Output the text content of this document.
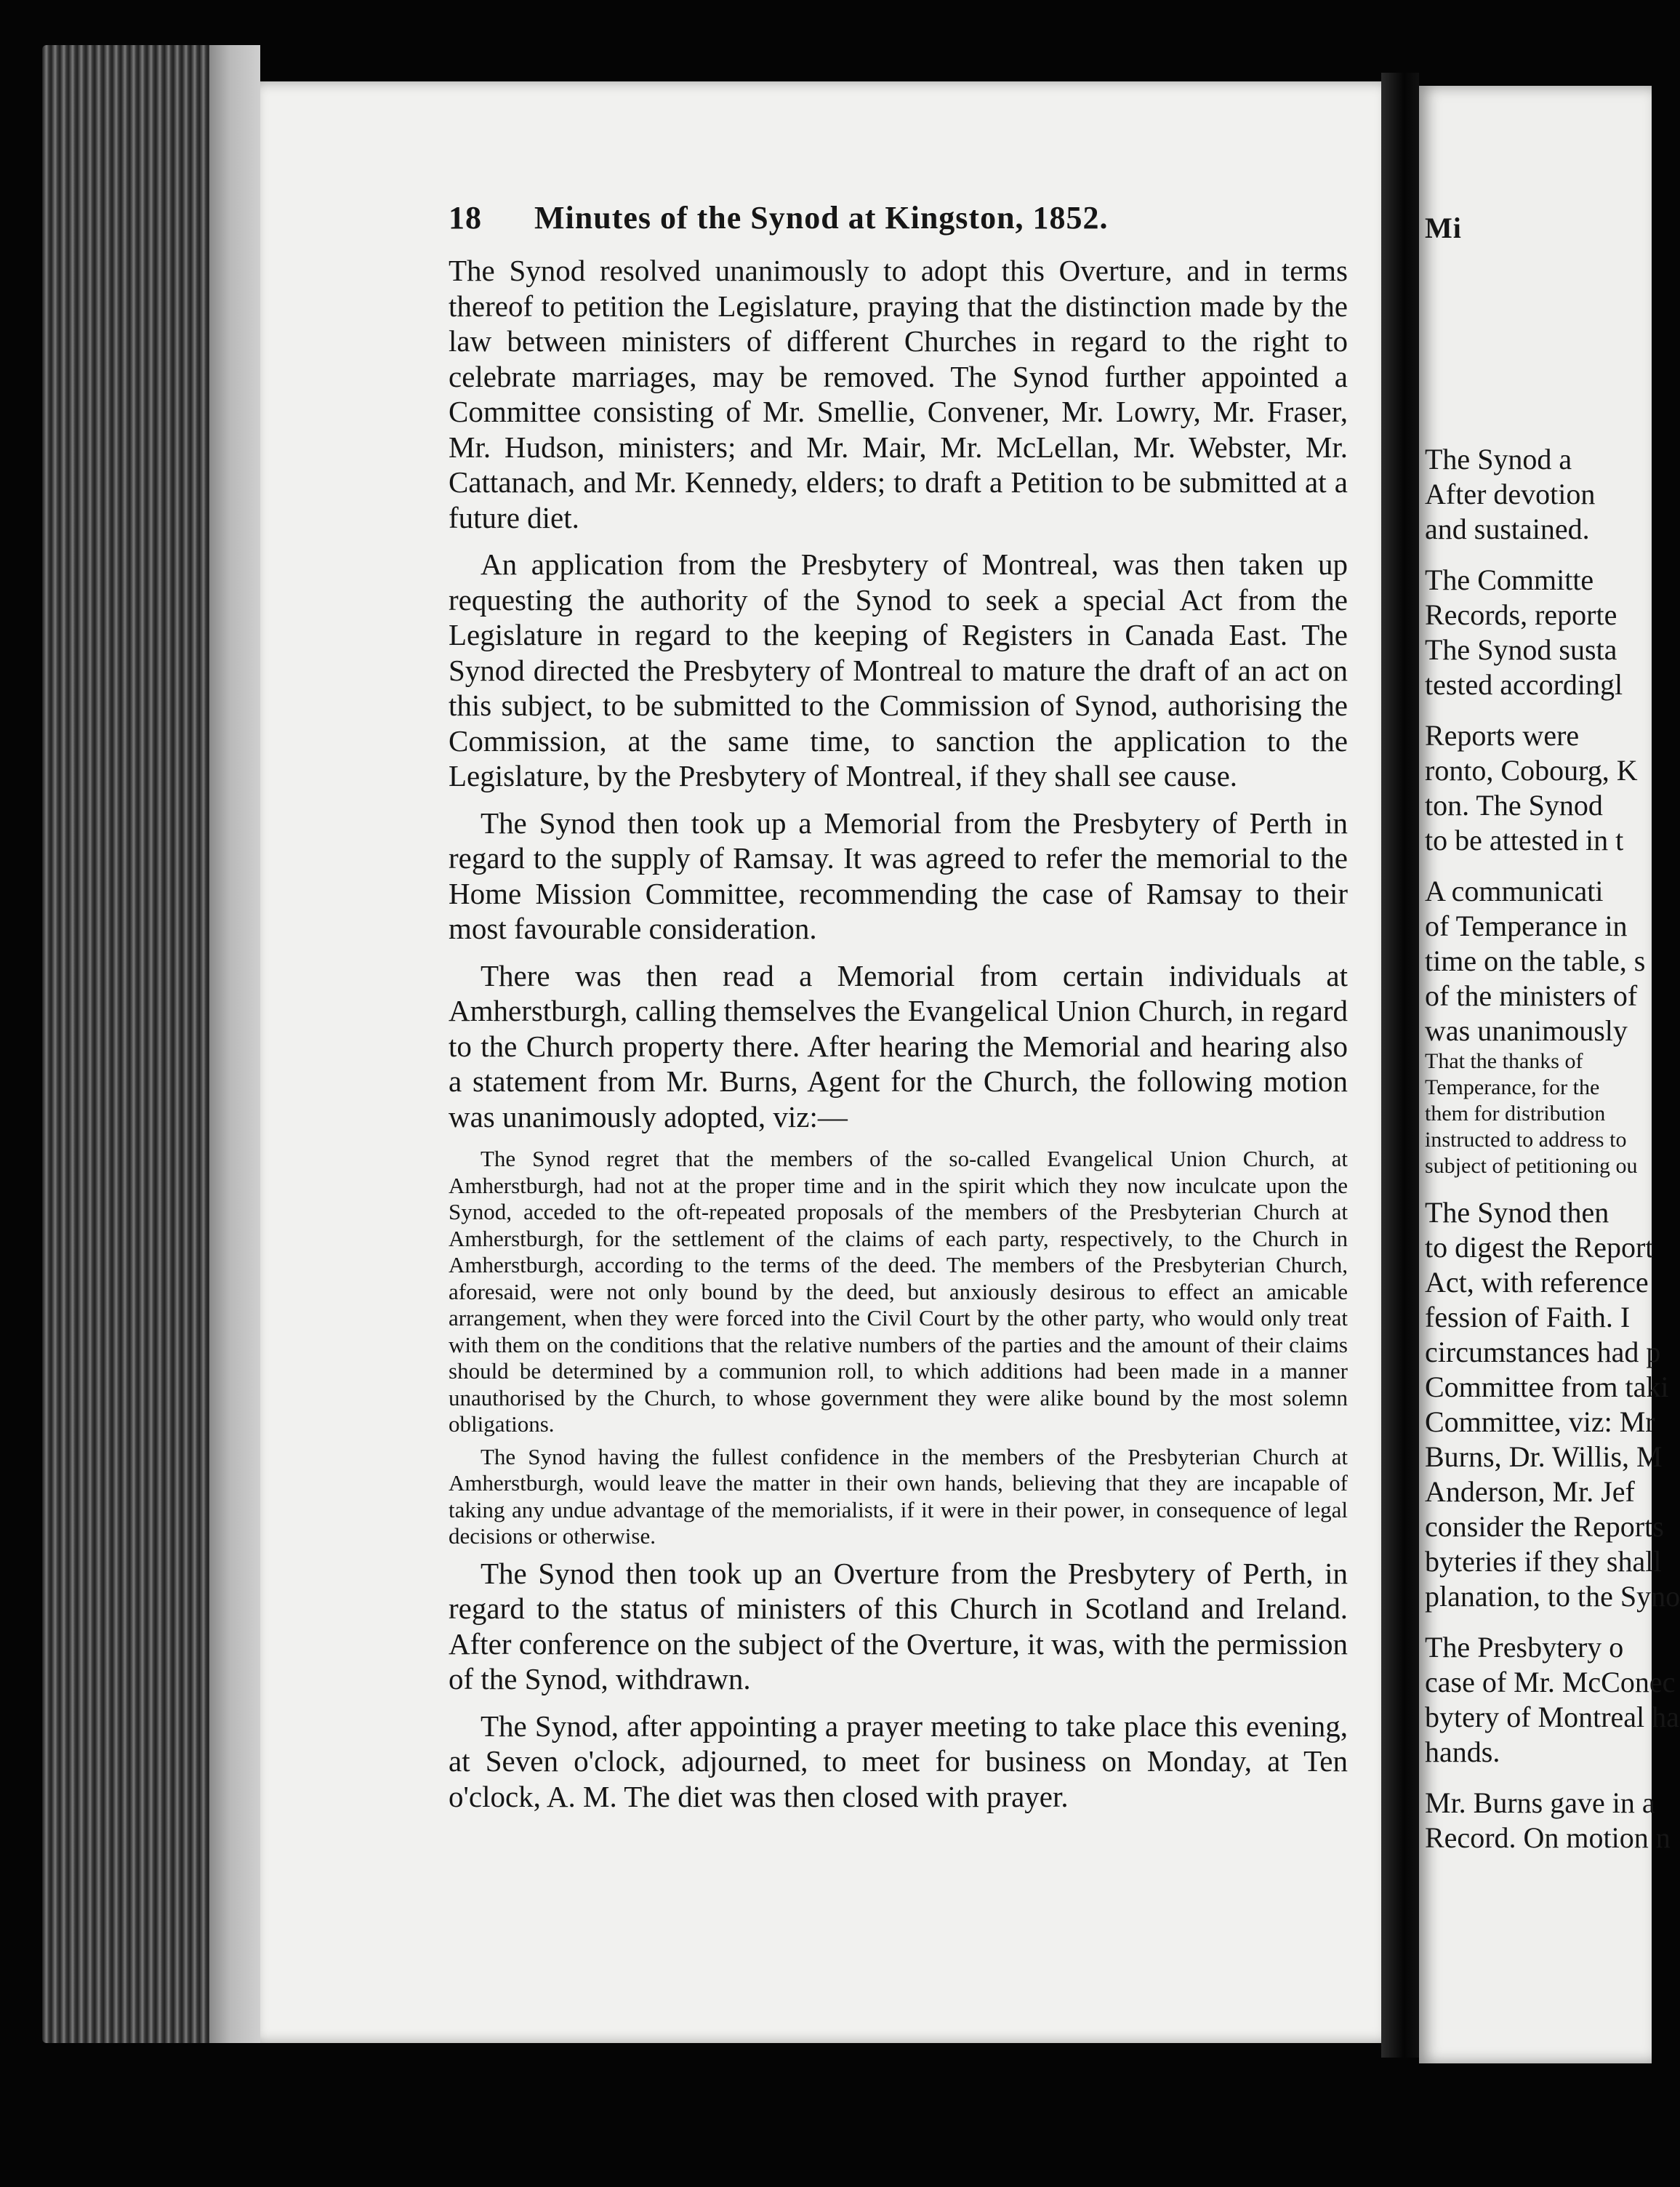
18 Minutes of the Synod at Kingston, 1852.

The Synod resolved unanimously to adopt this Overture, and in terms thereof to petition the Legislature, praying that the distinction made by the law between ministers of different Churches in regard to the right to celebrate marriages, may be removed. The Synod further appointed a Committee consisting of Mr. Smellie, Convener, Mr. Lowry, Mr. Fraser, Mr. Hudson, ministers; and Mr. Mair, Mr. McLellan, Mr. Webster, Mr. Cattanach, and Mr. Kennedy, elders; to draft a Petition to be submitted at a future diet.

An application from the Presbytery of Montreal, was then taken up requesting the authority of the Synod to seek a special Act from the Legislature in regard to the keeping of Registers in Canada East. The Synod directed the Presbytery of Montreal to mature the draft of an act on this subject, to be submitted to the Commission of Synod, authorising the Commission, at the same time, to sanction the application to the Legislature, by the Presbytery of Montreal, if they shall see cause.

The Synod then took up a Memorial from the Presbytery of Perth in regard to the supply of Ramsay. It was agreed to refer the memorial to the Home Mission Committee, recommending the case of Ramsay to their most favourable consideration.

There was then read a Memorial from certain individuals at Amherstburgh, calling themselves the Evangelical Union Church, in regard to the Church property there. After hearing the Memorial and hearing also a statement from Mr. Burns, Agent for the Church, the following motion was unanimously adopted, viz:—

The Synod regret that the members of the so-called Evangelical Union Church, at Amherstburgh, had not at the proper time and in the spirit which they now inculcate upon the Synod, acceded to the oft-repeated proposals of the members of the Presbyterian Church at Amherstburgh, for the settlement of the claims of each party, respectively, to the Church in Amherstburgh, according to the terms of the deed. The members of the Presbyterian Church, aforesaid, were not only bound by the deed, but anxiously desirous to effect an amicable arrangement, when they were forced into the Civil Court by the other party, who would only treat with them on the conditions that the relative numbers of the parties and the amount of their claims should be determined by a communion roll, to which additions had been made in a manner unauthorised by the Church, to whose government they were alike bound by the most solemn obligations.

The Synod having the fullest confidence in the members of the Presbyterian Church at Amherstburgh, would leave the matter in their own hands, believing that they are incapable of taking any undue advantage of the memorialists, if it were in their power, in consequence of legal decisions or otherwise.

The Synod then took up an Overture from the Presbytery of Perth, in regard to the status of ministers of this Church in Scotland and Ireland. After conference on the subject of the Overture, it was, with the permission of the Synod, withdrawn.

The Synod, after appointing a prayer meeting to take place this evening, at Seven o'clock, adjourned, to meet for business on Monday, at Ten o'clock, A. M. The diet was then closed with prayer.

Mi
The Synod a
After devotion
and sustained.
The Committe
Records, reporte
The Synod susta
tested accordingl
Reports were
ronto, Cobourg, K
ton. The Synod
to be attested in t
A communicati
of Temperance in
time on the table, s
of the ministers of
was unanimously
That the thanks of
Temperance, for the
them for distribution
instructed to address to
subject of petitioning ou
The Synod then
to digest the Report
Act, with reference
fession of Faith. I
circumstances had p
Committee from taki
Committee, viz: Mr
Burns, Dr. Willis, M
Anderson, Mr. Jef
consider the Reports
byteries if they shall
planation, to the Syno
The Presbytery o
case of Mr. McConec
bytery of Montreal ha
hands.
Mr. Burns gave in a
Record. On motion n
